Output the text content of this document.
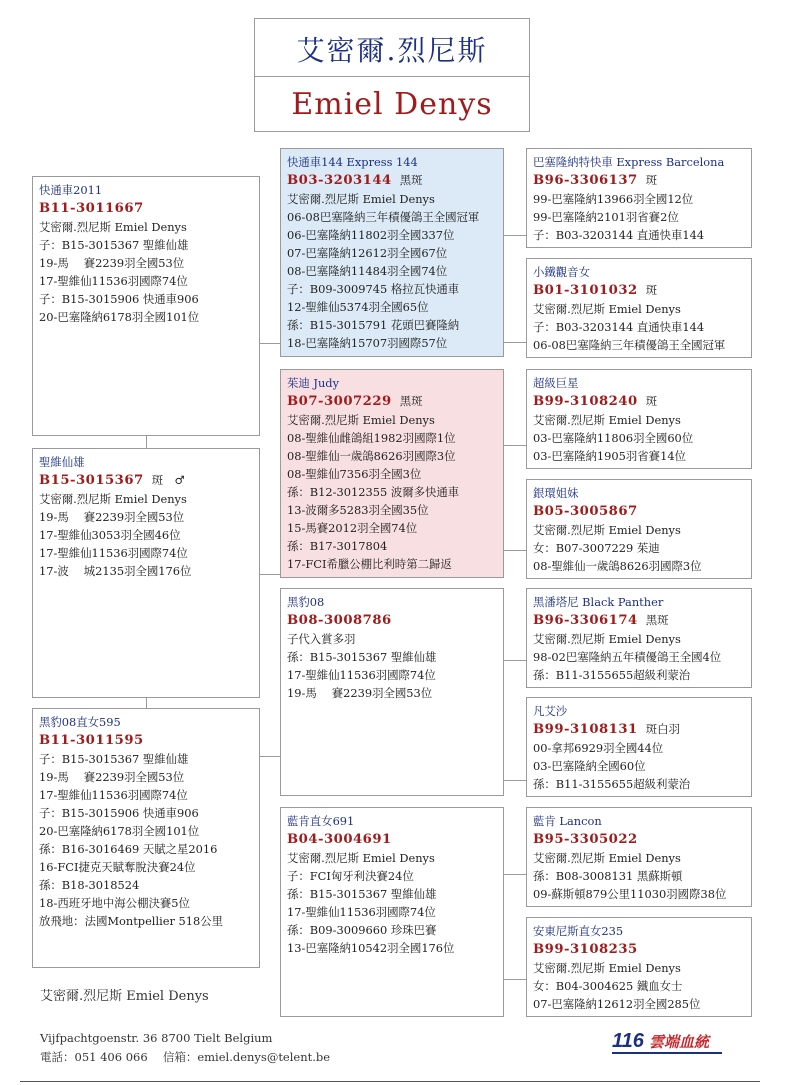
艾密爾.烈尼斯
Emiel Denys
快通車2011
B11-3011667
艾密爾.烈尼斯 Emiel Denys
子：B15-3015367 聖維仙雄
19-馬　 賽2239羽全國53位
17-聖維仙11536羽國際74位
子：B15-3015906 快通車906
20-巴塞隆納6178羽全國101位
聖維仙雄
B15-3015367 斑　♂
艾密爾.烈尼斯 Emiel Denys
19-馬　 賽2239羽全國53位
17-聖維仙3053羽全國46位
17-聖維仙11536羽國際74位
17-波　 城2135羽全國176位
黑豹08直女595
B11-3011595
子：B15-3015367 聖維仙雄
19-馬　 賽2239羽全國53位
17-聖維仙11536羽國際74位
子：B15-3015906 快通車906
20-巴塞隆納6178羽全國101位
孫：B16-3016469 天賦之星2016
16-FCI捷克天賦奪脫決賽24位
孫：B18-3018524
18-西班牙地中海公棚決賽5位
放飛地：法國Montpellier 518公里
快通車144 Express 144
B03-3203144 黑斑
艾密爾.烈尼斯 Emiel Denys
06-08巴塞隆納三年積優鴿王全國冠軍
06-巴塞隆納11802羽全國337位
07-巴塞隆納12612羽全國67位
08-巴塞隆納11484羽全國74位
子：B09-3009745 格拉瓦快通車
12-聖維仙5374羽全國65位
孫：B15-3015791 花頭巴賽隆納
18-巴塞隆納15707羽國際57位
茱迪 Judy
B07-3007229 黑斑
艾密爾.烈尼斯 Emiel Denys
08-聖維仙雌鴿組1982羽國際1位
08-聖維仙一歲鴿8626羽國際3位
08-聖維仙7356羽全國3位
孫：B12-3012355 波爾多快通車
13-波爾多5283羽全國35位
15-馬賽2012羽全國74位
孫：B17-3017804
17-FCI希臘公棚比利時第二歸返
黑豹08
B08-3008786
子代入賞多羽
孫：B15-3015367 聖維仙雄
17-聖維仙11536羽國際74位
19-馬　 賽2239羽全國53位
藍肯直女691
B04-3004691
艾密爾.烈尼斯 Emiel Denys
子：FCI匈牙利決賽24位
孫：B15-3015367 聖維仙雄
17-聖維仙11536羽國際74位
孫：B09-3009660 珍珠巴賽
13-巴塞隆納10542羽全國176位
巴塞隆納特快車 Express Barcelona
B96-3306137 斑
99-巴塞隆納13966羽全國12位
99-巴塞隆納2101羽省賽2位
子：B03-3203144 直通快車144
小鐵觀音女
B01-3101032 斑
艾密爾.烈尼斯 Emiel Denys
子：B03-3203144 直通快車144
06-08巴塞隆納三年積優鴿王全國冠軍
超級巨星
B99-3108240 斑
艾密爾.烈尼斯 Emiel Denys
03-巴塞隆納11806羽全國60位
03-巴塞隆納1905羽省賽14位
銀環姐妹
B05-3005867
艾密爾.烈尼斯 Emiel Denys
女：B07-3007229 茱迪
08-聖維仙一歲鴿8626羽國際3位
黑潘塔尼 Black Panther
B96-3306174 黑斑
艾密爾.烈尼斯 Emiel Denys
98-02巴塞隆納五年積優鴿王全國4位
孫：B11-3155655超級利蒙治
凡艾沙
B99-3108131 斑白羽
00-拿邦6929羽全國44位
03-巴塞隆納全國60位
孫：B11-3155655超級利蒙治
藍肯 Lancon
B95-3305022
艾密爾.烈尼斯 Emiel Denys
孫：B08-3008131 黑蘇斯頓
09-蘇斯頓879公里11030羽國際38位
安東尼斯直女235
B99-3108235
艾密爾.烈尼斯 Emiel Denys
女：B04-3004625 鐵血女士
07-巴塞隆納12612羽全國285位
艾密爾.烈尼斯 Emiel Denys
Vijfpachtgoenstr. 36 8700 Tielt Belgium
電話：051 406 066　 信箱：emiel.denys@telent.be
116 雲端血統
